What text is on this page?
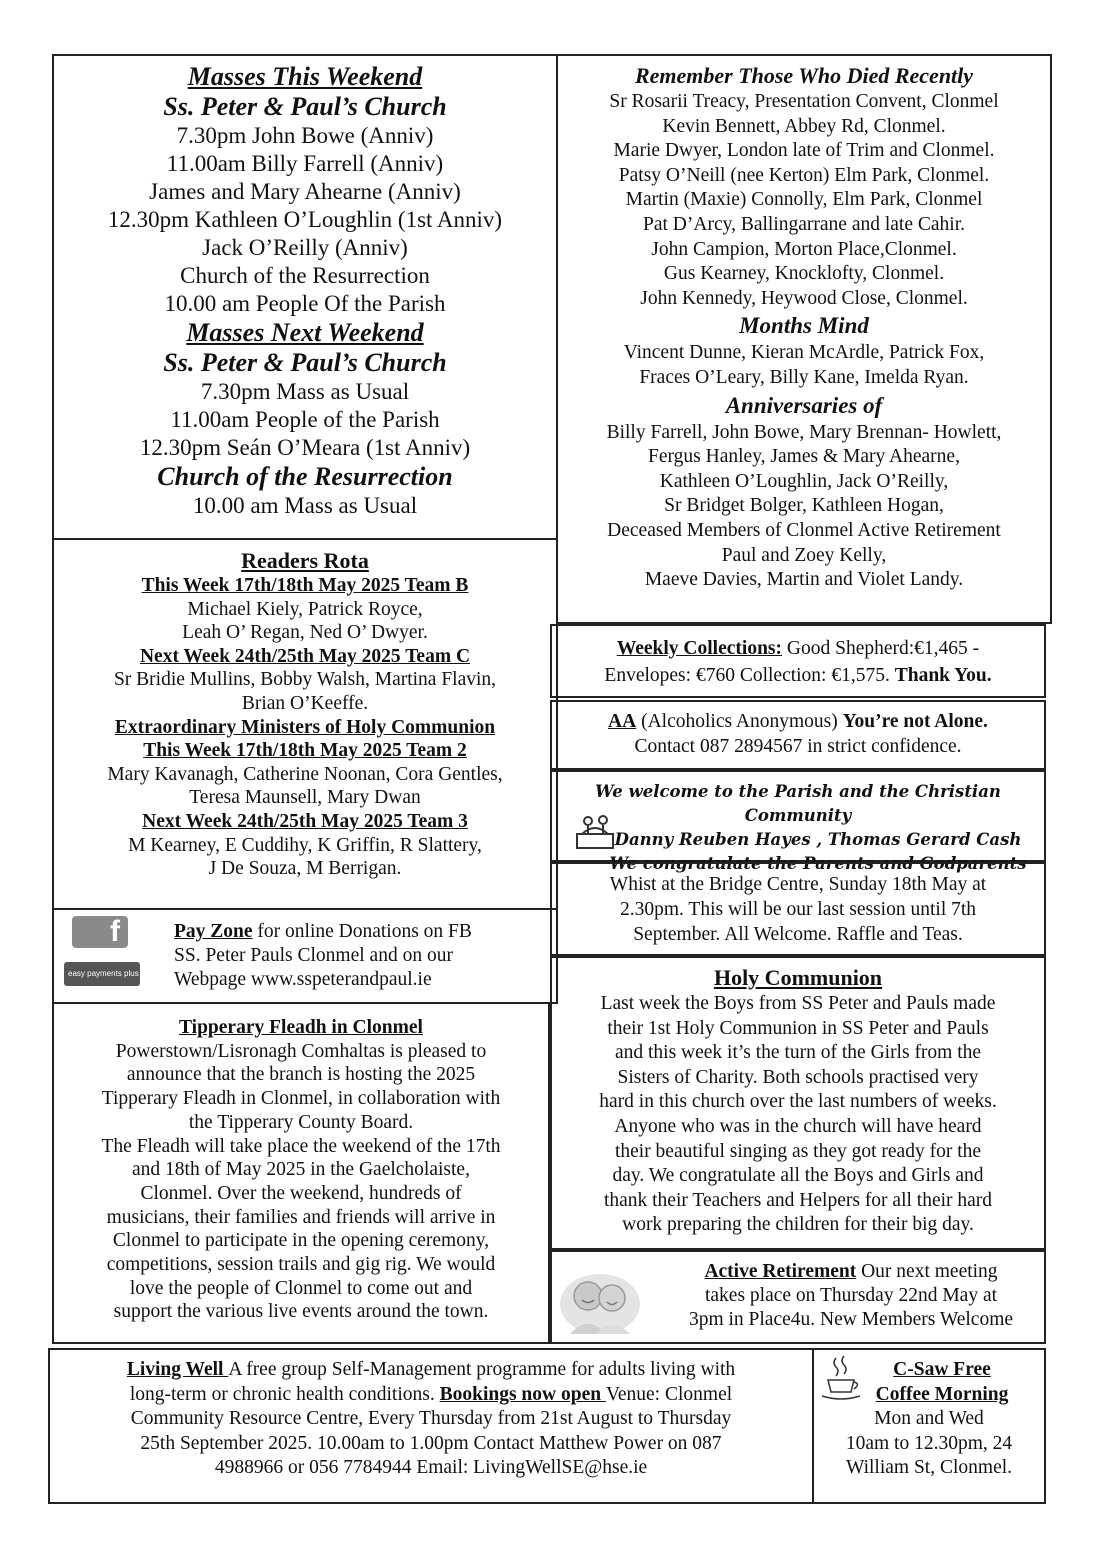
Masses This Weekend

Ss. Peter & Paul’s Church

7.30pm John Bowe (Anniv)

11.00am Billy Farrell (Anniv)

James and Mary Ahearne (Anniv)

12.30pm Kathleen O’Loughlin (1st Anniv)

Jack O’Reilly (Anniv)

Church of the Resurrection

10.00 am People Of the Parish

Masses Next Weekend

Ss. Peter & Paul’s Church

7.30pm Mass as Usual

11.00am People of the Parish

12.30pm Seán O’Meara (1st Anniv)

Church of the Resurrection

10.00 am Mass as Usual

Remember Those Who Died Recently

Sr Rosarii Treacy, Presentation Convent, Clonmel

Kevin Bennett, Abbey Rd, Clonmel.

Marie Dwyer, London late of Trim and Clonmel.

Patsy O’Neill (nee Kerton) Elm Park, Clonmel.

Martin (Maxie) Connolly, Elm Park, Clonmel

Pat D’Arcy, Ballingarrane and late Cahir.

John Campion, Morton Place,Clonmel.

Gus Kearney, Knocklofty, Clonmel.

John Kennedy, Heywood Close, Clonmel.

Months Mind

Vincent Dunne, Kieran McArdle, Patrick Fox,

Fraces O’Leary, Billy Kane, Imelda Ryan.

Anniversaries of

Billy Farrell, John Bowe, Mary Brennan- Howlett,

Fergus Hanley, James & Mary Ahearne,

Kathleen O’Loughlin, Jack O’Reilly,

Sr Bridget Bolger, Kathleen Hogan,

Deceased Members of Clonmel Active Retirement

Paul and Zoey Kelly,

Maeve Davies, Martin and Violet Landy.

Readers Rota

This Week 17th/18th May 2025 Team B

Michael Kiely, Patrick Royce,

Leah O’ Regan, Ned O’ Dwyer.

Next Week 24th/25th May 2025 Team C

Sr Bridie Mullins, Bobby Walsh, Martina Flavin,

Brian O’Keeffe.

Extraordinary Ministers of Holy Communion

This Week 17th/18th May 2025 Team 2

Mary Kavanagh, Catherine Noonan, Cora Gentles,

Teresa Maunsell, Mary Dwan

Next Week 24th/25th May 2025 Team 3

M Kearney, E Cuddihy, K Griffin, R Slattery,

J De Souza, M Berrigan.

Weekly Collections: Good Shepherd:€1,465 -

Envelopes: €760 Collection: €1,575. Thank You.

AA (Alcoholics Anonymous) You’re not Alone.

Contact 087 2894567 in strict confidence.

We welcome to the Parish and the Christian Community

Danny Reuben Hayes , Thomas Gerard Cash

We congratulate the Parents and Godparents

Whist at the Bridge Centre, Sunday 18th May at

2.30pm. This will be our last session until 7th

September. All Welcome. Raffle and Teas.

f
easy payments plus

Pay Zone for online Donations on FB

SS. Peter Pauls Clonmel and on our

Webpage www.sspeterandpaul.ie

Tipperary Fleadh in Clonmel

Powerstown/Lisronagh Comhaltas is pleased to

announce that the branch is hosting the 2025

Tipperary Fleadh in Clonmel, in collaboration with

the Tipperary County Board.

The Fleadh will take place the weekend of the 17th

and 18th of May 2025 in the Gaelcholaiste,

Clonmel. Over the weekend, hundreds of

musicians, their families and friends will arrive in

Clonmel to participate in the opening ceremony,

competitions, session trails and gig rig. We would

love the people of Clonmel to come out and

support the various live events around the town.

Holy Communion

Last week the Boys from SS Peter and Pauls made

their 1st Holy Communion in SS Peter and Pauls

and this week it’s the turn of the Girls from the

Sisters of Charity. Both schools practised very

hard in this church over the last numbers of weeks.

Anyone who was in the church will have heard

their beautiful singing as they got ready for the

day. We congratulate all the Boys and Girls and

thank their Teachers and Helpers for all their hard

work preparing the children for their big day.

Active Retirement Our next meeting

takes place on Thursday 22nd May at

3pm in Place4u. New Members Welcome

Living Well A free group Self-Management programme for adults living with

long-term or chronic health conditions. Bookings now open Venue: Clonmel

Community Resource Centre, Every Thursday from 21st August to Thursday

25th September 2025. 10.00am to 1.00pm Contact Matthew Power on 087

4988966 or 056 7784944 Email: LivingWellSE@hse.ie

C-Saw Free

Coffee Morning

Mon and Wed

10am to 12.30pm, 24

William St, Clonmel.
